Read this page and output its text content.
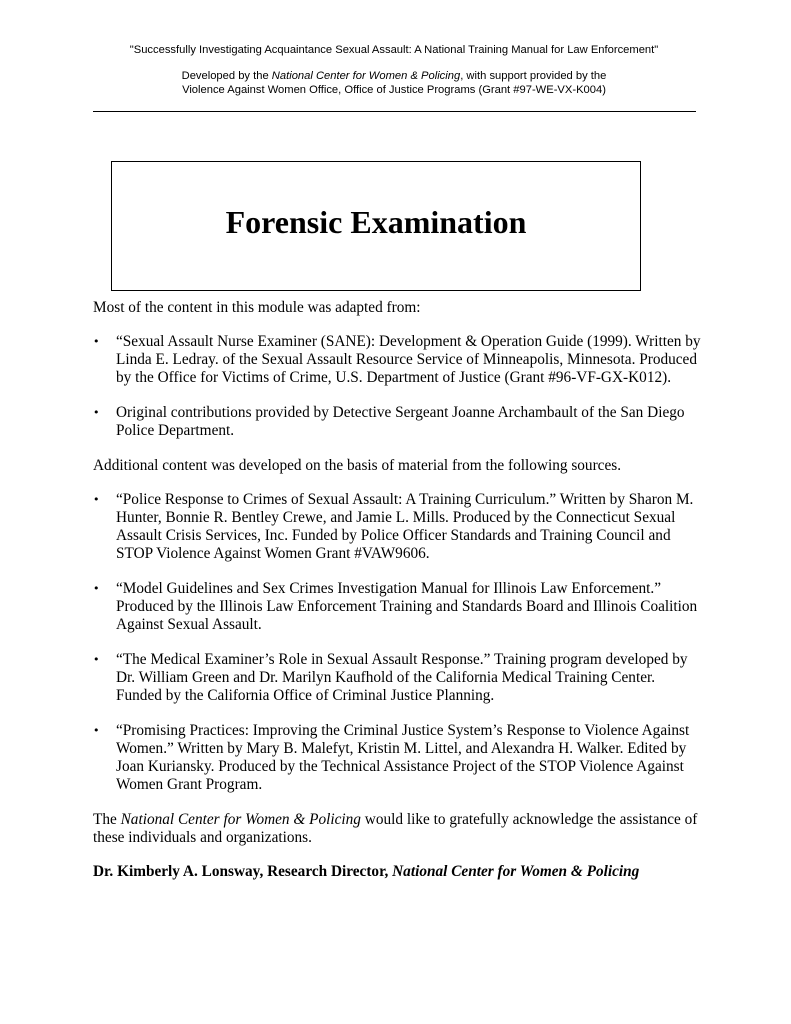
"Successfully Investigating Acquaintance Sexual Assault: A National Training Manual for Law Enforcement"
Developed by the National Center for Women & Policing, with support provided by the
Violence Against Women Office, Office of Justice Programs (Grant #97-WE-VX-K004)
Forensic Examination

Most of the content in this module was adapted from:

• “Sexual Assault Nurse Examiner (SANE): Development & Operation Guide (1999). Written by Linda E. Ledray. of the Sexual Assault Resource Service of Minneapolis, Minnesota. Produced by the Office for Victims of Crime, U.S. Department of Justice (Grant #96-VF-GX-K012).
• Original contributions provided by Detective Sergeant Joanne Archambault of the San Diego Police Department.

Additional content was developed on the basis of material from the following sources.

• “Police Response to Crimes of Sexual Assault: A Training Curriculum.” Written by Sharon M. Hunter, Bonnie R. Bentley Crewe, and Jamie L. Mills. Produced by the Connecticut Sexual Assault Crisis Services, Inc. Funded by Police Officer Standards and Training Council and STOP Violence Against Women Grant #VAW9606.
• “Model Guidelines and Sex Crimes Investigation Manual for Illinois Law Enforcement.” Produced by the Illinois Law Enforcement Training and Standards Board and Illinois Coalition Against Sexual Assault.
• “The Medical Examiner’s Role in Sexual Assault Response.” Training program developed by Dr. William Green and Dr. Marilyn Kaufhold of the California Medical Training Center. Funded by the California Office of Criminal Justice Planning.
• “Promising Practices: Improving the Criminal Justice System’s Response to Violence Against Women.” Written by Mary B. Malefyt, Kristin M. Littel, and Alexandra H. Walker. Edited by Joan Kuriansky. Produced by the Technical Assistance Project of the STOP Violence Against Women Grant Program.

The National Center for Women & Policing would like to gratefully acknowledge the assistance of these individuals and organizations.

Dr. Kimberly A. Lonsway, Research Director, National Center for Women & Policing
